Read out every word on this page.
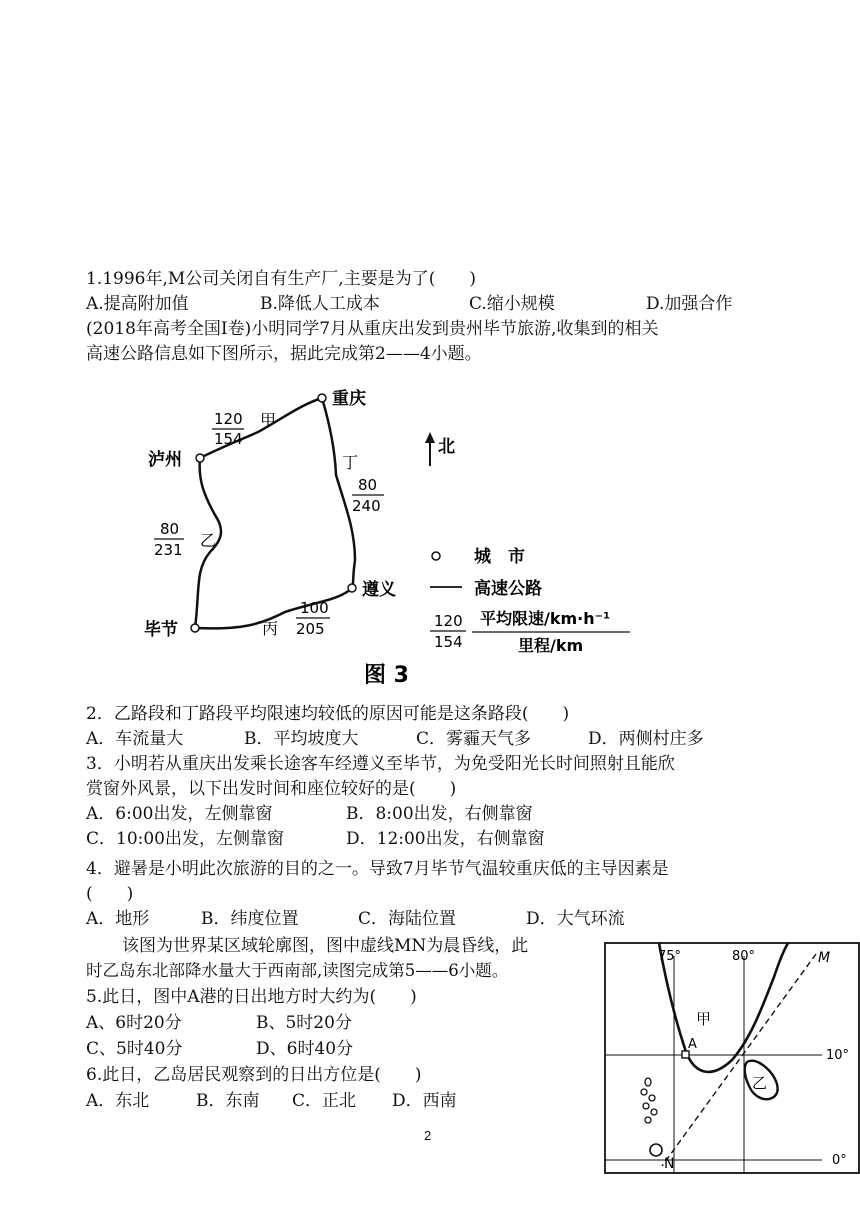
1.1996年,M公司关闭自有生产厂,主要是为了(　　)
A.提高附加值	B.降低人工成本	C.缩小规模	D.加强合作
(2018年高考全国Ⅰ卷)小明同学7月从重庆出发到贵州毕节旅游,收集到的相关
高速公路信息如下图所示，据此完成第2——4小题。
重庆
泸州
遵义
毕节
120
154
甲
丁
80
240
80
231 乙
100
205
丙
北
城　市
高速公路
120
154
平均限速/km·h⁻¹
里程/km
图 3
2．乙路段和丁路段平均限速均较低的原因可能是这条路段(　　)
A．车流量大	B．平均坡度大	C．雾霾天气多	D．两侧村庄多
3．小明若从重庆出发乘长途客车经遵义至毕节，为免受阳光长时间照射且能欣
赏窗外风景，以下出发时间和座位较好的是(　　)
A．6:00出发，左侧靠窗	B．8:00出发，右侧靠窗
C．10:00出发，左侧靠窗	D．12:00出发，右侧靠窗
4．避暑是小明此次旅游的目的之一。导致7月毕节气温较重庆低的主导因素是
(　　)
A．地形	B．纬度位置	C．海陆位置	D．大气环流
该图为世界某区域轮廓图，图中虚线MN为晨昏线，此
时乙岛东北部降水量大于西南部,读图完成第5——6小题。
5.此日，图中A港的日出地方时大约为(　　)
A、6时20分	B、5时20分
C、5时40分	D、6时40分
6.此日，乙岛居民观察到的日出方位是(　　)
A．东北	B．东南 C．正北 D．西南
75°	80°
10°
0°
M
N
A
甲
乙
2
